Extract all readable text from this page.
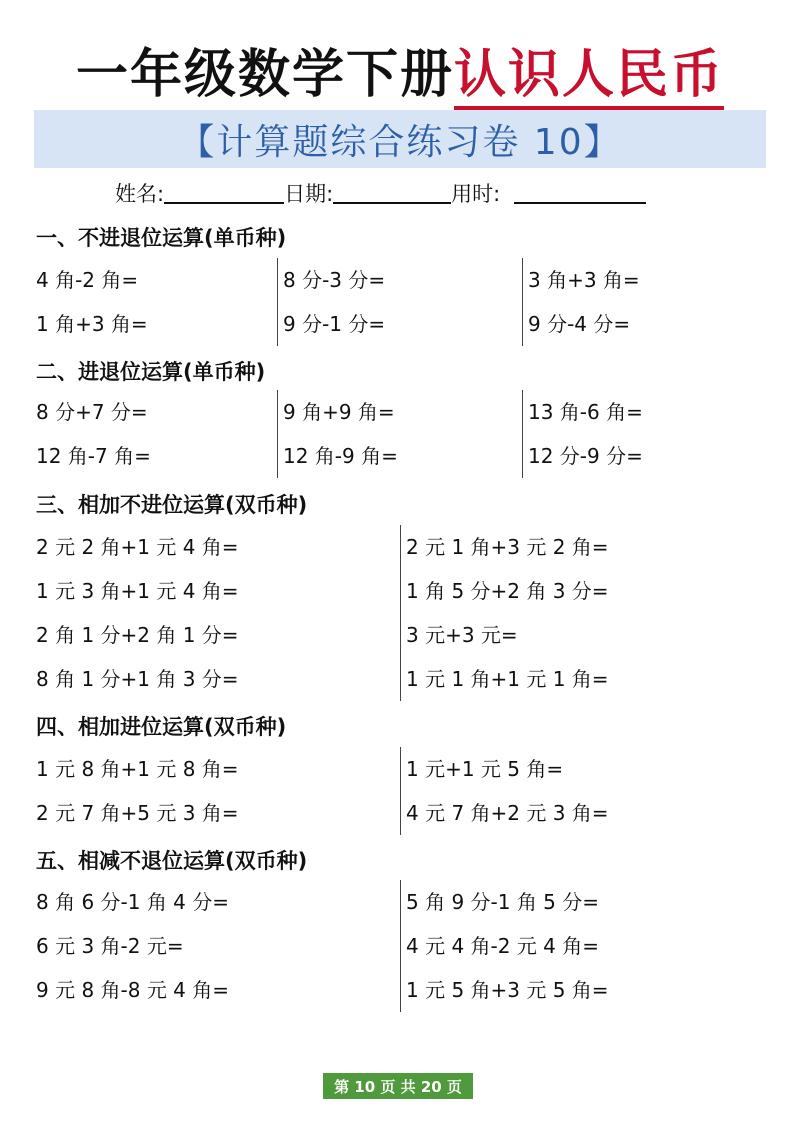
一年级数学下册认识人民币
【计算题综合练习卷 10】
姓名:	日期:	用时:
一、不进退位运算(单币种)
4 角-2 角=
1 角+3 角=
8 分-3 分=
9 分-1 分=
3 角+3 角=
9 分-4 分=
二、进退位运算(单币种)
8 分+7 分=
12 角-7 角=
9 角+9 角=
12 角-9 角=
13 角-6 角=
12 分-9 分=
三、相加不进位运算(双币种)
2 元 2 角+1 元 4 角=
1 元 3 角+1 元 4 角=
2 角 1 分+2 角 1 分=
8 角 1 分+1 角 3 分=
2 元 1 角+3 元 2 角=
1 角 5 分+2 角 3 分=
3 元+3 元=
1 元 1 角+1 元 1 角=
四、相加进位运算(双币种)
1 元 8 角+1 元 8 角=
2 元 7 角+5 元 3 角=
1 元+1 元 5 角=
4 元 7 角+2 元 3 角=
五、相减不退位运算(双币种)
8 角 6 分-1 角 4 分=
6 元 3 角-2 元=
9 元 8 角-8 元 4 角=
5 角 9 分-1 角 5 分=
4 元 4 角-2 元 4 角=
1 元 5 角+3 元 5 角=
第 10 页 共 20 页
